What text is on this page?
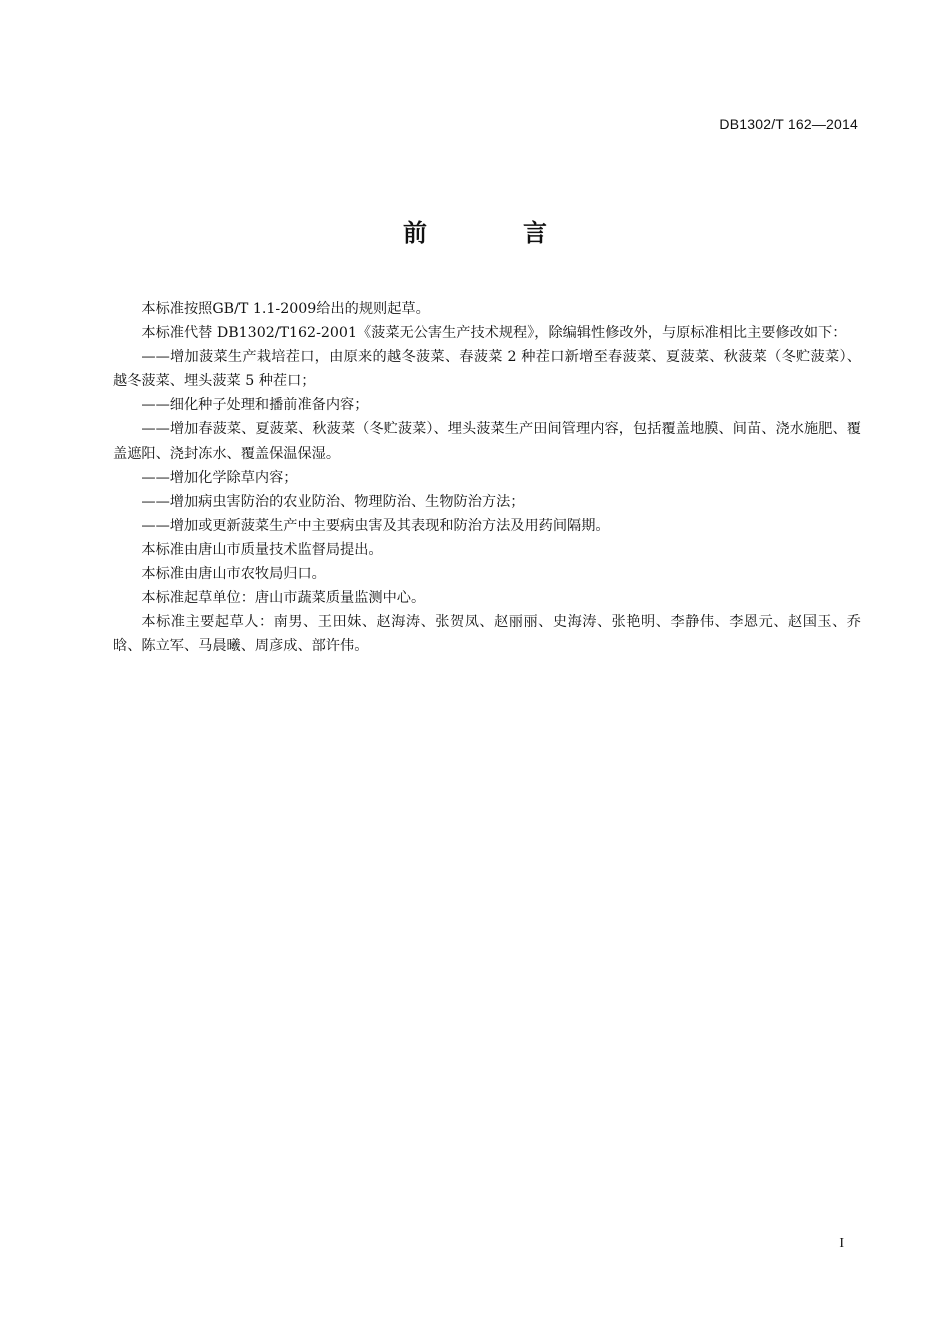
DB1302/T 162—2014
前言

本标准按照GB/T 1.1-2009给出的规则起草。

本标准代替 DB1302/T162-2001《菠菜无公害生产技术规程》，除编辑性修改外，与原标准相比主要修改如下：

——增加菠菜生产栽培茬口，由原来的越冬菠菜、春菠菜 2 种茬口新增至春菠菜、夏菠菜、秋菠菜（冬贮菠菜）、越冬菠菜、埋头菠菜 5 种茬口；

——细化种子处理和播前准备内容；

——增加春菠菜、夏菠菜、秋菠菜（冬贮菠菜）、埋头菠菜生产田间管理内容，包括覆盖地膜、间苗、浇水施肥、覆盖遮阳、浇封冻水、覆盖保温保湿。

——增加化学除草内容；

——增加病虫害防治的农业防治、物理防治、生物防治方法；

——增加或更新菠菜生产中主要病虫害及其表现和防治方法及用药间隔期。

本标准由唐山市质量技术监督局提出。

本标准由唐山市农牧局归口。

本标准起草单位：唐山市蔬菜质量监测中心。

本标准主要起草人：南男、王田妹、赵海涛、张贺凤、赵丽丽、史海涛、张艳明、李静伟、李恩元、赵国玉、乔晗、陈立军、马晨曦、周彦成、部许伟。

I
